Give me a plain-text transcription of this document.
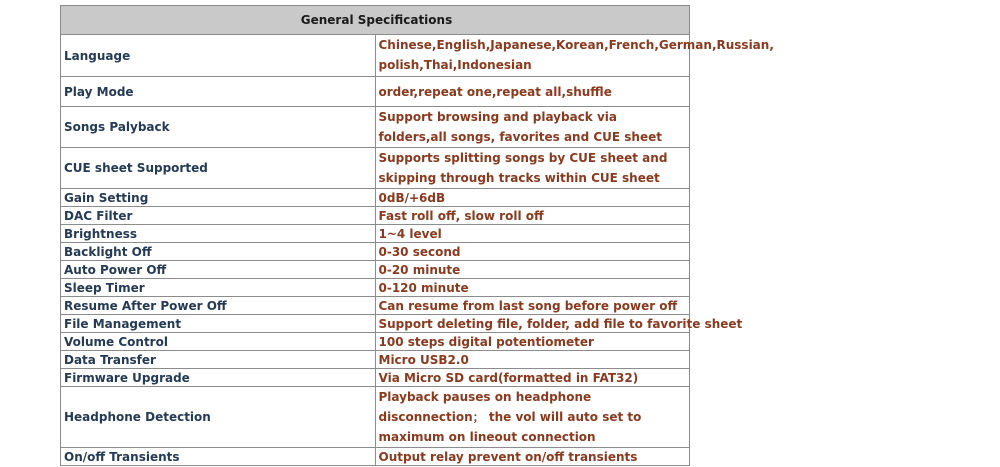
General Specifications	
Language	Chinese,English,Japanese,Korean,French,German,Russian, polish,Thai,Indonesian

Play Mode	order,repeat one,repeat all,shuffle
Songs Palyback	Support browsing and playback via folders,all songs, favorites and CUE sheet

CUE sheet Supported	Supports splitting songs by CUE sheet and skipping through tracks within CUE sheet

Gain Setting	0dB/+6dB
DAC Filter	Fast roll off, slow roll off
Brightness	1~4 level
Backlight Off	0-30 second
Auto Power Off	0-20 minute
Sleep Timer	0-120 minute
Resume After Power Off	Can resume from last song before power off
File Management	Support deleting file, folder, add file to favorite sheet
Volume Control	100 steps digital potentiometer
Data Transfer	Micro USB2.0
Firmware Upgrade	Via Micro SD card(formatted in FAT32)
Headphone Detection	Playback pauses on headphone disconnection； the vol will auto set to maximum on lineout connection

On/off Transients	Output relay prevent on/off transients
